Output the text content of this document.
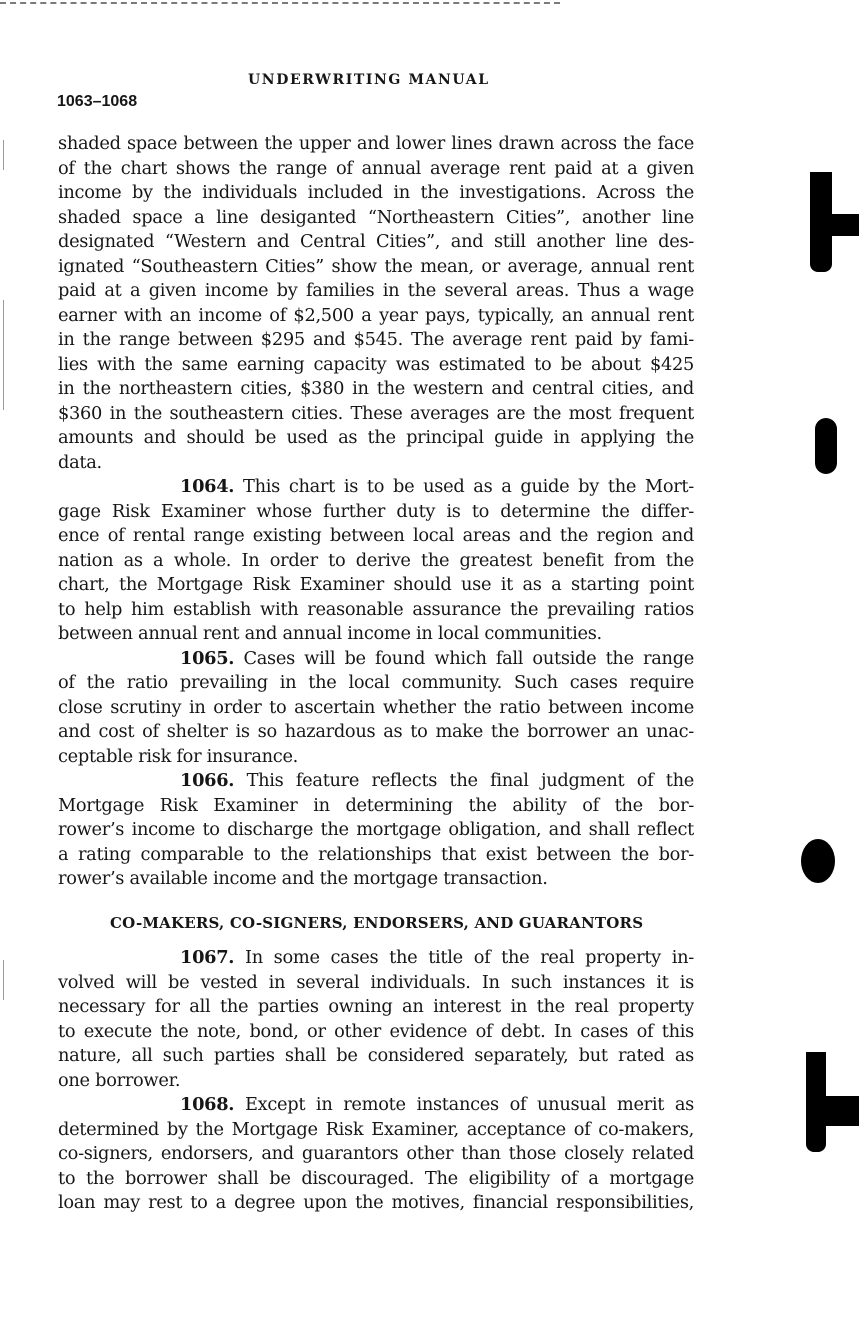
UNDERWRITING MANUAL
1063–1068
shaded space between the upper and lower lines drawn across the face
of the chart shows the range of annual average rent paid at a given
income by the individuals included in the investigations. Across the
shaded space a line desiganted “Northeastern Cities”, another line
designated “Western and Central Cities”, and still another line des-
ignated “Southeastern Cities” show the mean, or average, annual rent
paid at a given income by families in the several areas. Thus a wage
earner with an income of $2,500 a year pays, typically, an annual rent
in the range between $295 and $545. The average rent paid by fami-
lies with the same earning capacity was estimated to be about $425
in the northeastern cities, $380 in the western and central cities, and
$360 in the southeastern cities. These averages are the most frequent
amounts and should be used as the principal guide in applying the
data.
1064. This chart is to be used as a guide by the Mort-
gage Risk Examiner whose further duty is to determine the differ-
ence of rental range existing between local areas and the region and
nation as a whole. In order to derive the greatest benefit from the
chart, the Mortgage Risk Examiner should use it as a starting point
to help him establish with reasonable assurance the prevailing ratios
between annual rent and annual income in local communities.
1065. Cases will be found which fall outside the range
of the ratio prevailing in the local community. Such cases require
close scrutiny in order to ascertain whether the ratio between income
and cost of shelter is so hazardous as to make the borrower an unac-
ceptable risk for insurance.
1066. This feature reflects the final judgment of the
Mortgage Risk Examiner in determining the ability of the bor-
rower’s income to discharge the mortgage obligation, and shall reflect
a rating comparable to the relationships that exist between the bor-
rower’s available income and the mortgage transaction.
CO-MAKERS, CO-SIGNERS, ENDORSERS, AND GUARANTORS
1067. In some cases the title of the real property in-
volved will be vested in several individuals. In such instances it is
necessary for all the parties owning an interest in the real property
to execute the note, bond, or other evidence of debt. In cases of this
nature, all such parties shall be considered separately, but rated as
one borrower.
1068. Except in remote instances of unusual merit as
determined by the Mortgage Risk Examiner, acceptance of co-makers,
co-signers, endorsers, and guarantors other than those closely related
to the borrower shall be discouraged. The eligibility of a mortgage
loan may rest to a degree upon the motives, financial responsibilities,
